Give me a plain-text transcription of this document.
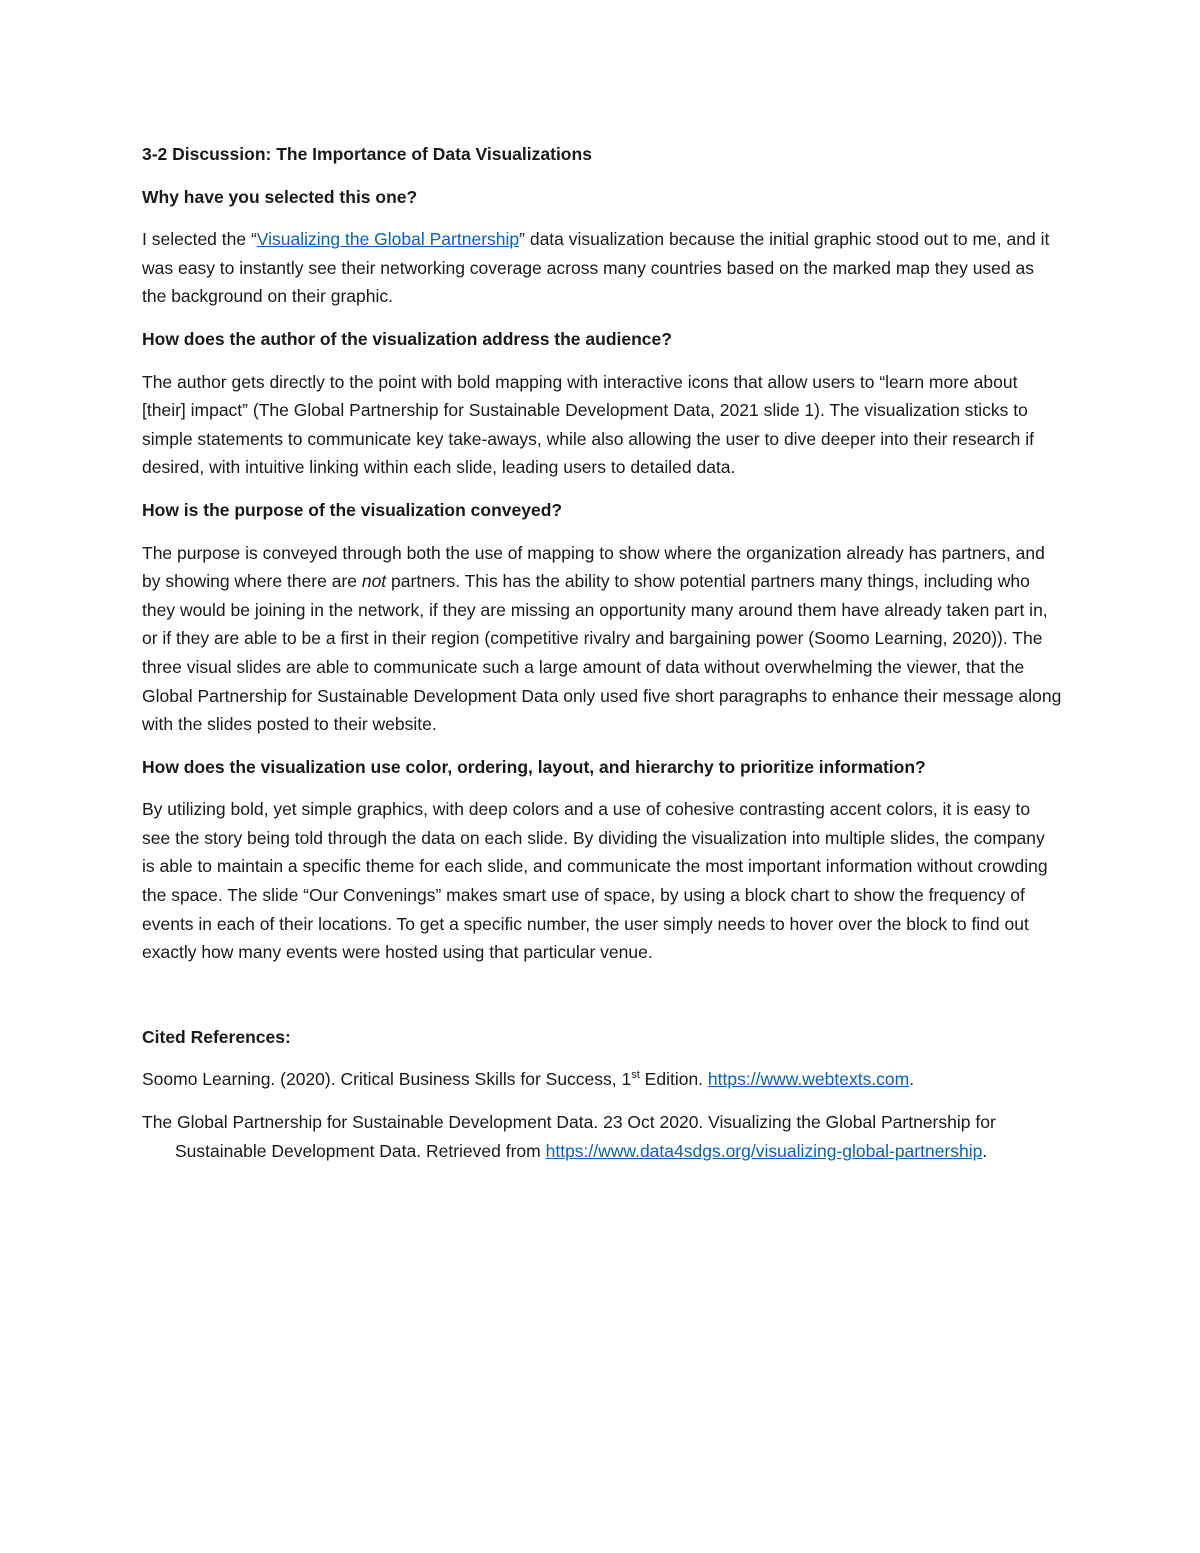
3-2 Discussion: The Importance of Data Visualizations

Why have you selected this one?

I selected the “Visualizing the Global Partnership” data visualization because the initial graphic stood out to me, and it was easy to instantly see their networking coverage across many countries based on the marked map they used as the background on their graphic.

How does the author of the visualization address the audience?

The author gets directly to the point with bold mapping with interactive icons that allow users to “learn more about [their] impact” (The Global Partnership for Sustainable Development Data, 2021 slide 1). The visualization sticks to simple statements to communicate key take-aways, while also allowing the user to dive deeper into their research if desired, with intuitive linking within each slide, leading users to detailed data.

How is the purpose of the visualization conveyed?

The purpose is conveyed through both the use of mapping to show where the organization already has partners, and by showing where there are not partners. This has the ability to show potential partners many things, including who they would be joining in the network, if they are missing an opportunity many around them have already taken part in, or if they are able to be a first in their region (competitive rivalry and bargaining power (Soomo Learning, 2020)). The three visual slides are able to communicate such a large amount of data without overwhelming the viewer, that the Global Partnership for Sustainable Development Data only used five short paragraphs to enhance their message along with the slides posted to their website.

How does the visualization use color, ordering, layout, and hierarchy to prioritize information?

By utilizing bold, yet simple graphics, with deep colors and a use of cohesive contrasting accent colors, it is easy to see the story being told through the data on each slide. By dividing the visualization into multiple slides, the company is able to maintain a specific theme for each slide, and communicate the most important information without crowding the space. The slide “Our Convenings” makes smart use of space, by using a block chart to show the frequency of events in each of their locations. To get a specific number, the user simply needs to hover over the block to find out exactly how many events were hosted using that particular venue.

Cited References:

Soomo Learning. (2020). Critical Business Skills for Success, 1st Edition. https://www.webtexts.com.

The Global Partnership for Sustainable Development Data. 23 Oct 2020. Visualizing the Global Partnership for Sustainable Development Data. Retrieved from https://www.data4sdgs.org/visualizing-global-partnership.
